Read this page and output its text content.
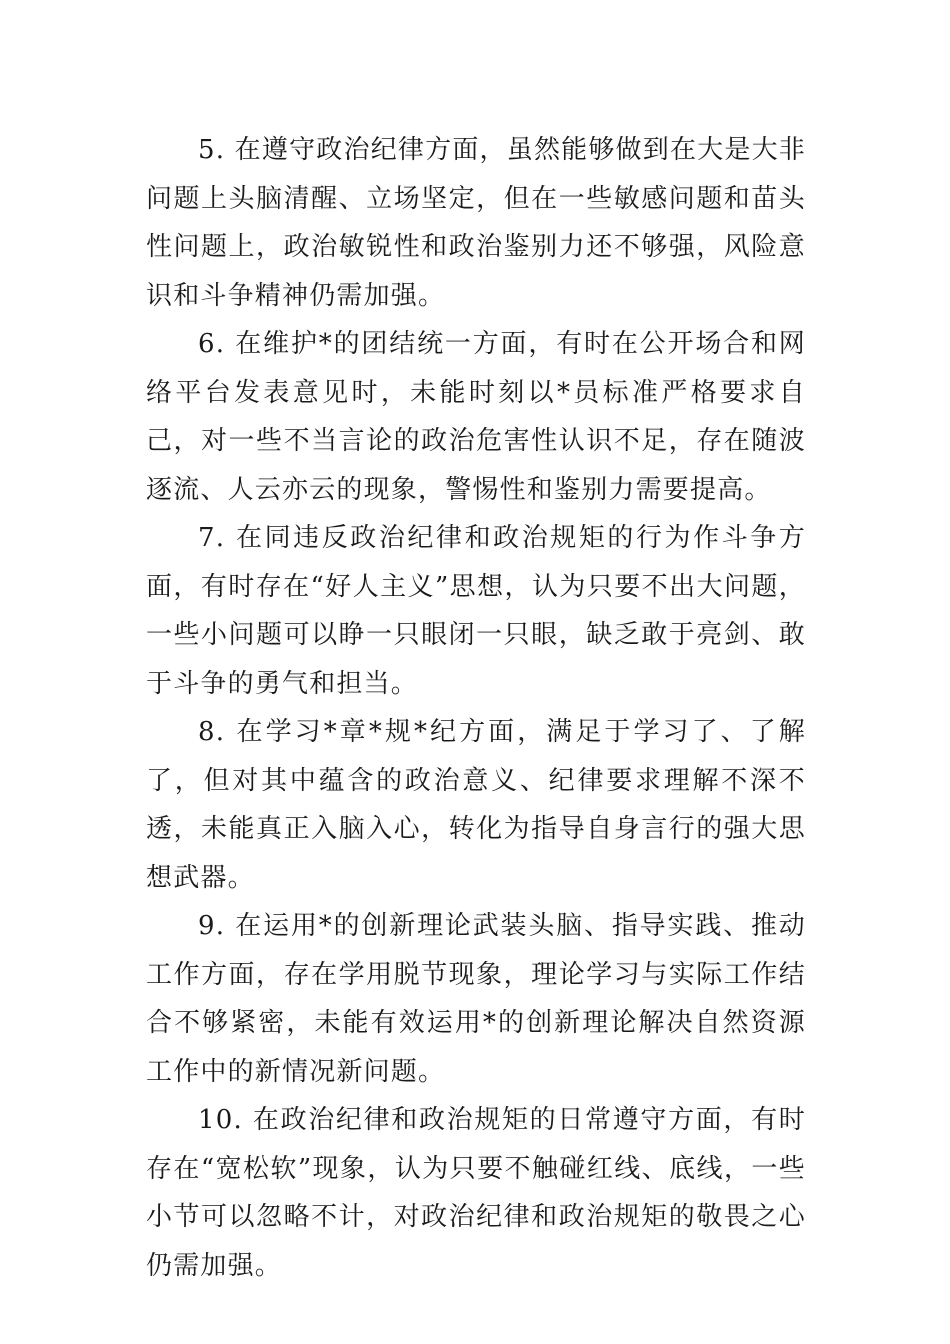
5. 在遵守政治纪律方面，虽然能够做到在大是大非问题上头脑清醒、立场坚定，但在一些敏感问题和苗头性问题上，政治敏锐性和政治鉴别力还不够强，风险意识和斗争精神仍需加强。

6. 在维护*的团结统一方面，有时在公开场合和网络平台发表意见时，未能时刻以*员标准严格要求自己，对一些不当言论的政治危害性认识不足，存在随波逐流、人云亦云的现象，警惕性和鉴别力需要提高。

7. 在同违反政治纪律和政治规矩的行为作斗争方面，有时存在“好人主义”思想，认为只要不出大问题，一些小问题可以睁一只眼闭一只眼，缺乏敢于亮剑、敢于斗争的勇气和担当。

8. 在学习*章*规*纪方面，满足于学习了、了解了，但对其中蕴含的政治意义、纪律要求理解不深不透，未能真正入脑入心，转化为指导自身言行的强大思想武器。

9. 在运用*的创新理论武装头脑、指导实践、推动工作方面，存在学用脱节现象，理论学习与实际工作结合不够紧密，未能有效运用*的创新理论解决自然资源工作中的新情况新问题。

10. 在政治纪律和政治规矩的日常遵守方面，有时存在“宽松软”现象，认为只要不触碰红线、底线，一些小节可以忽略不计，对政治纪律和政治规矩的敬畏之心仍需加强。
